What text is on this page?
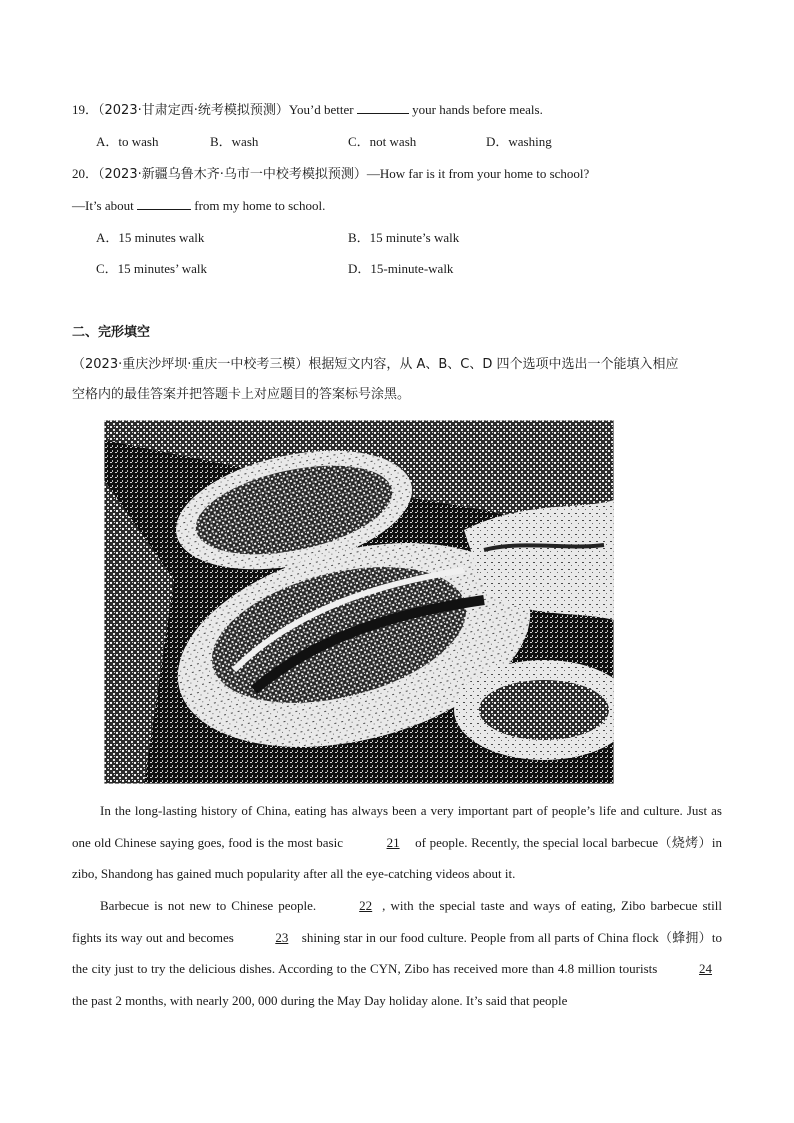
19．（2023·甘肃定西·统考模拟预测）You’d better	your hands before meals.
A．to wash	B．wash	C．not wash	D．washing
20．（2023·新疆乌鲁木齐·乌市一中校考模拟预测）—How far is it from your home to school?
—It’s about	from my home to school.
A．15 minutes walk	B．15 minute’s walk
C．15 minutes’ walk	D．15-minute-walk
二、完形填空
（2023·重庆沙坪坝·重庆一中校考三模）根据短文内容，从 A、B、C、D 四个选项中选出一个能填入相应
空格内的最佳答案并把答题卡上对应题目的答案标号涂黑。

In the long-lasting history of China, eating has always been a very important part of people’s life and culture. Just as one old Chinese saying goes, food is the most basic	21 of people. Recently, the special local barbecue（烧烤）in zibo, Shandong has gained much popularity after all the eye-catching videos about it.

Barbecue is not new to Chinese people.	22 , with the special taste and ways of eating, Zibo barbecue still fights its way out and becomes	23 shining star in our food culture. People from all parts of China flock（蜂拥）to the city just to try the delicious dishes. According to the CYN, Zibo has received more than 4.8 million tourists	24 the past 2 months, with nearly 200, 000 during the May Day holiday alone. It’s said that people
